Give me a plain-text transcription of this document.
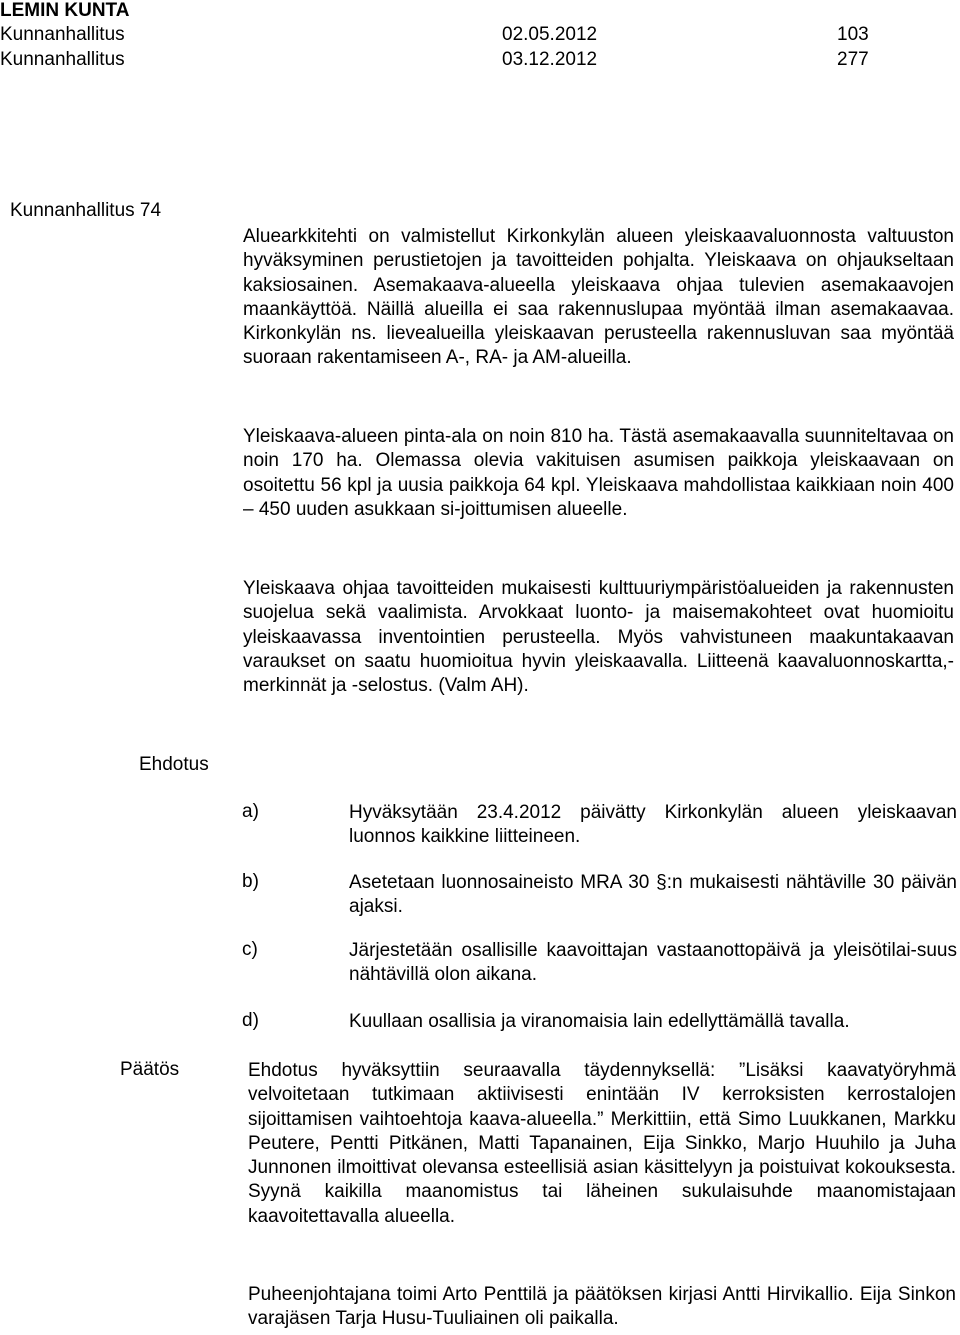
LEMIN KUNTA
Kunnanhallitus	02.05.2012	103
Kunnanhallitus	03.12.2012	277
Kunnanhallitus 74

Aluearkkitehti on valmistellut Kirkonkylän alueen yleiskaavaluonnosta valtuuston hyväksyminen perustietojen ja tavoitteiden pohjalta. Yleiskaava on ohjaukseltaan kaksiosainen. Asemakaava-alueella yleiskaava ohjaa tulevien asemakaavojen maankäyttöä. Näillä alueilla ei saa rakennuslupaa myöntää ilman asemakaavaa. Kirkonkylän ns. lievealueilla yleiskaavan perusteella rakennusluvan saa myöntää suoraan rakentamiseen A-, RA- ja AM-alueilla.

Yleiskaava-alueen pinta-ala on noin 810 ha. Tästä asemakaavalla suunniteltavaa on noin 170 ha. Olemassa olevia vakituisen asumisen paikkoja yleiskaavaan on osoitettu 56 kpl ja uusia paikkoja 64 kpl. Yleiskaava mahdollistaa kaikkiaan noin 400 – 450 uuden asukkaan si-joittumisen alueelle.

Yleiskaava ohjaa tavoitteiden mukaisesti kulttuuriympäristöalueiden ja rakennusten suojelua sekä vaalimista. Arvokkaat luonto- ja maisemakohteet ovat huomioitu yleiskaavassa inventointien perusteella. Myös vahvistuneen maakuntakaavan varaukset on saatu huomioitua hyvin yleiskaavalla. Liitteenä kaavaluonnoskartta,-merkinnät ja -selostus. (Valm AH).

Ehdotus
a)	Hyväksytään 23.4.2012 päivätty Kirkonkylän alueen yleiskaavan luonnos kaikkine liitteineen.
b)	Asetetaan luonnosaineisto MRA 30 §:n mukaisesti nähtäville 30 päivän ajaksi.
c)	Järjestetään osallisille kaavoittajan vastaanottopäivä ja yleisötilai-suus nähtävillä olon aikana.
d)	Kuullaan osallisia ja viranomaisia lain edellyttämällä tavalla.
Päätös	Ehdotus hyväksyttiin seuraavalla täydennyksellä: ”Lisäksi kaavatyöryhmä velvoitetaan tutkimaan aktiivisesti enintään IV kerroksisten kerrostalojen sijoittamisen vaihtoehtoja kaava-alueella.” Merkittiin, että Simo Luukkanen, Markku Peutere, Pentti Pitkänen, Matti Tapanainen, Eija Sinkko, Marjo Huuhilo ja Juha Junnonen ilmoittivat olevansa esteellisiä asian käsittelyyn ja poistuivat kokouksesta. Syynä kaikilla maanomistus tai läheinen sukulaisuhde maanomistajaan kaavoitettavalla alueella.

Puheenjohtajana toimi Arto Penttilä ja päätöksen kirjasi Antti Hirvikallio. Eija Sinkon varajäsen Tarja Husu-Tuuliainen oli paikalla.
